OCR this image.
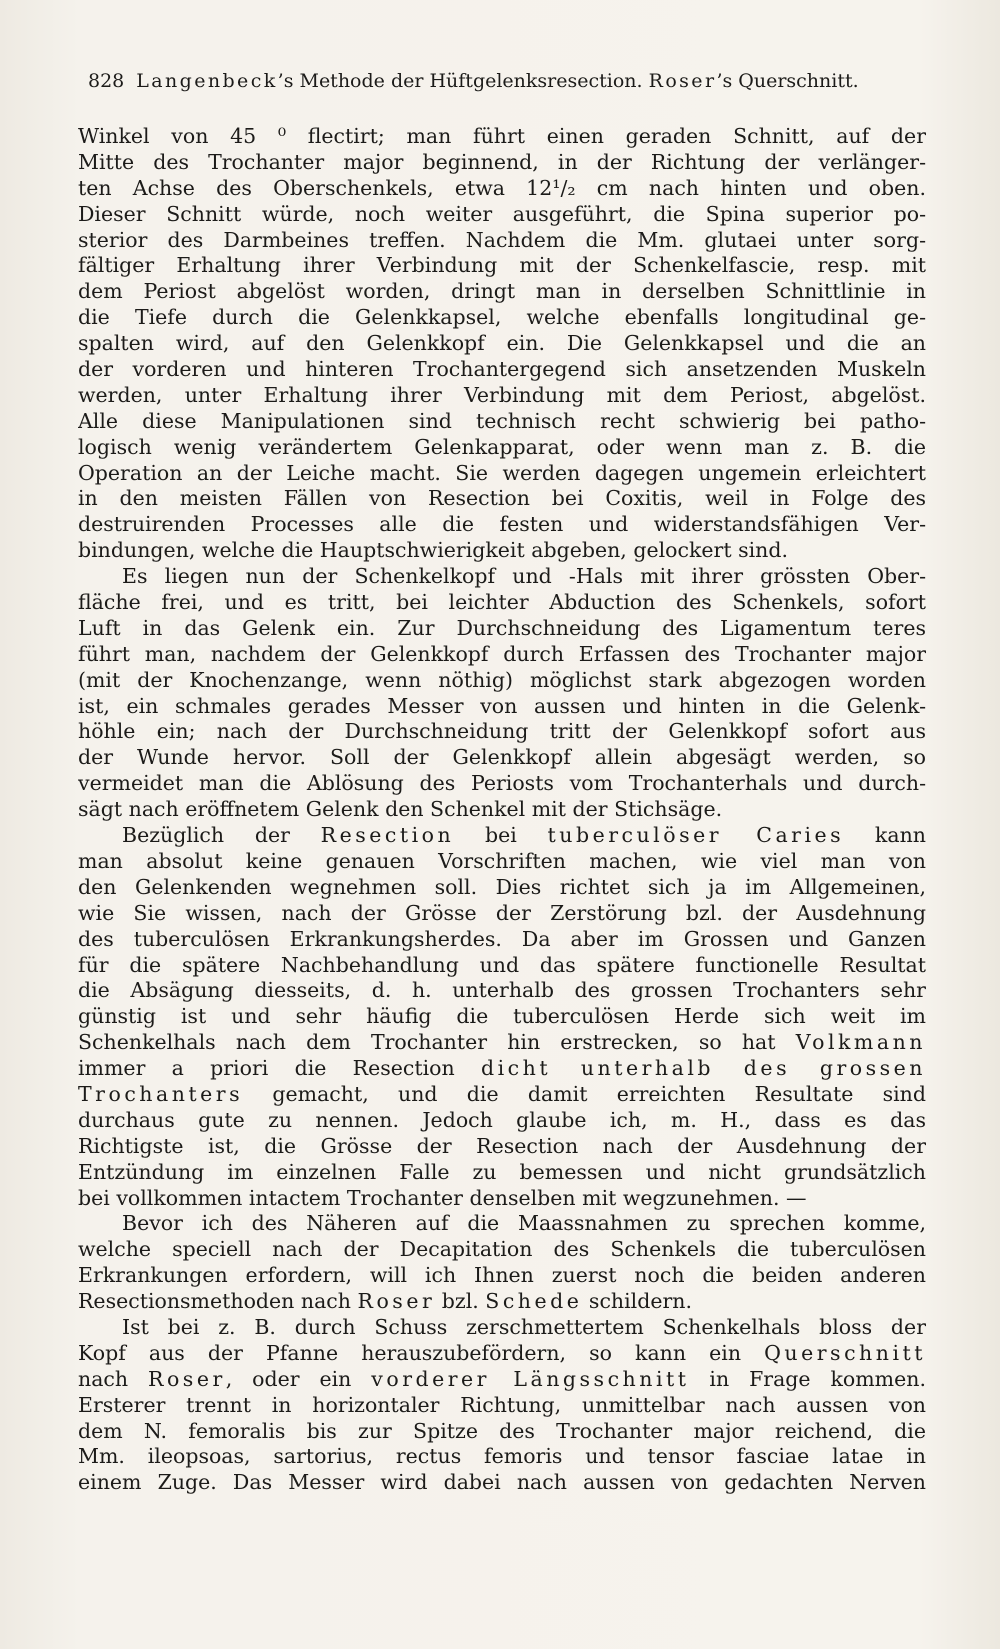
828 Langenbeck’s Methode der Hüftgelenksresection. Roser’s Querschnitt.
Winkel von 45 ⁰ flectirt; man führt einen geraden Schnitt, auf der
Mitte des Trochanter major beginnend, in der Richtung der verlänger-
ten Achse des Oberschenkels, etwa 12¹/₂ cm nach hinten und oben.
Dieser Schnitt würde, noch weiter ausgeführt, die Spina superior po-
sterior des Darmbeines treffen. Nachdem die Mm. glutaei unter sorg-
fältiger Erhaltung ihrer Verbindung mit der Schenkelfascie, resp. mit
dem Periost abgelöst worden, dringt man in derselben Schnittlinie in
die Tiefe durch die Gelenkkapsel, welche ebenfalls longitudinal ge-
spalten wird, auf den Gelenkkopf ein. Die Gelenkkapsel und die an
der vorderen und hinteren Trochantergegend sich ansetzenden Muskeln
werden, unter Erhaltung ihrer Verbindung mit dem Periost, abgelöst.
Alle diese Manipulationen sind technisch recht schwierig bei patho-
logisch wenig verändertem Gelenkapparat, oder wenn man z. B. die
Operation an der Leiche macht. Sie werden dagegen ungemein erleichtert
in den meisten Fällen von Resection bei Coxitis, weil in Folge des
destruirenden Processes alle die festen und widerstandsfähigen Ver-
bindungen, welche die Hauptschwierigkeit abgeben, gelockert sind.
Es liegen nun der Schenkelkopf und -Hals mit ihrer grössten Ober-
fläche frei, und es tritt, bei leichter Abduction des Schenkels, sofort
Luft in das Gelenk ein. Zur Durchschneidung des Ligamentum teres
führt man, nachdem der Gelenkkopf durch Erfassen des Trochanter major
(mit der Knochenzange, wenn nöthig) möglichst stark abgezogen worden
ist, ein schmales gerades Messer von aussen und hinten in die Gelenk-
höhle ein; nach der Durchschneidung tritt der Gelenkkopf sofort aus
der Wunde hervor. Soll der Gelenkkopf allein abgesägt werden, so
vermeidet man die Ablösung des Periosts vom Trochanterhals und durch-
sägt nach eröffnetem Gelenk den Schenkel mit der Stichsäge.
Bezüglich der Resection bei tuberculöser Caries kann
man absolut keine genauen Vorschriften machen, wie viel man von
den Gelenkenden wegnehmen soll. Dies richtet sich ja im Allgemeinen,
wie Sie wissen, nach der Grösse der Zerstörung bzl. der Ausdehnung
des tuberculösen Erkrankungsherdes. Da aber im Grossen und Ganzen
für die spätere Nachbehandlung und das spätere functionelle Resultat
die Absägung diesseits, d. h. unterhalb des grossen Trochanters sehr
günstig ist und sehr häufig die tuberculösen Herde sich weit im
Schenkelhals nach dem Trochanter hin erstrecken, so hat Volkmann
immer a priori die Resection dicht unterhalb des grossen
Trochanters gemacht, und die damit erreichten Resultate sind
durchaus gute zu nennen. Jedoch glaube ich, m. H., dass es das
Richtigste ist, die Grösse der Resection nach der Ausdehnung der
Entzündung im einzelnen Falle zu bemessen und nicht grundsätzlich
bei vollkommen intactem Trochanter denselben mit wegzunehmen. —
Bevor ich des Näheren auf die Maassnahmen zu sprechen komme,
welche speciell nach der Decapitation des Schenkels die tuberculösen
Erkrankungen erfordern, will ich Ihnen zuerst noch die beiden anderen
Resectionsmethoden nach Roser bzl. Schede schildern.
Ist bei z. B. durch Schuss zerschmettertem Schenkelhals bloss der
Kopf aus der Pfanne herauszubefördern, so kann ein Querschnitt
nach Roser, oder ein vorderer Längsschnitt in Frage kommen.
Ersterer trennt in horizontaler Richtung, unmittelbar nach aussen von
dem N. femoralis bis zur Spitze des Trochanter major reichend, die
Mm. ileopsoas, sartorius, rectus femoris und tensor fasciae latae in
einem Zuge. Das Messer wird dabei nach aussen von gedachten Nerven
